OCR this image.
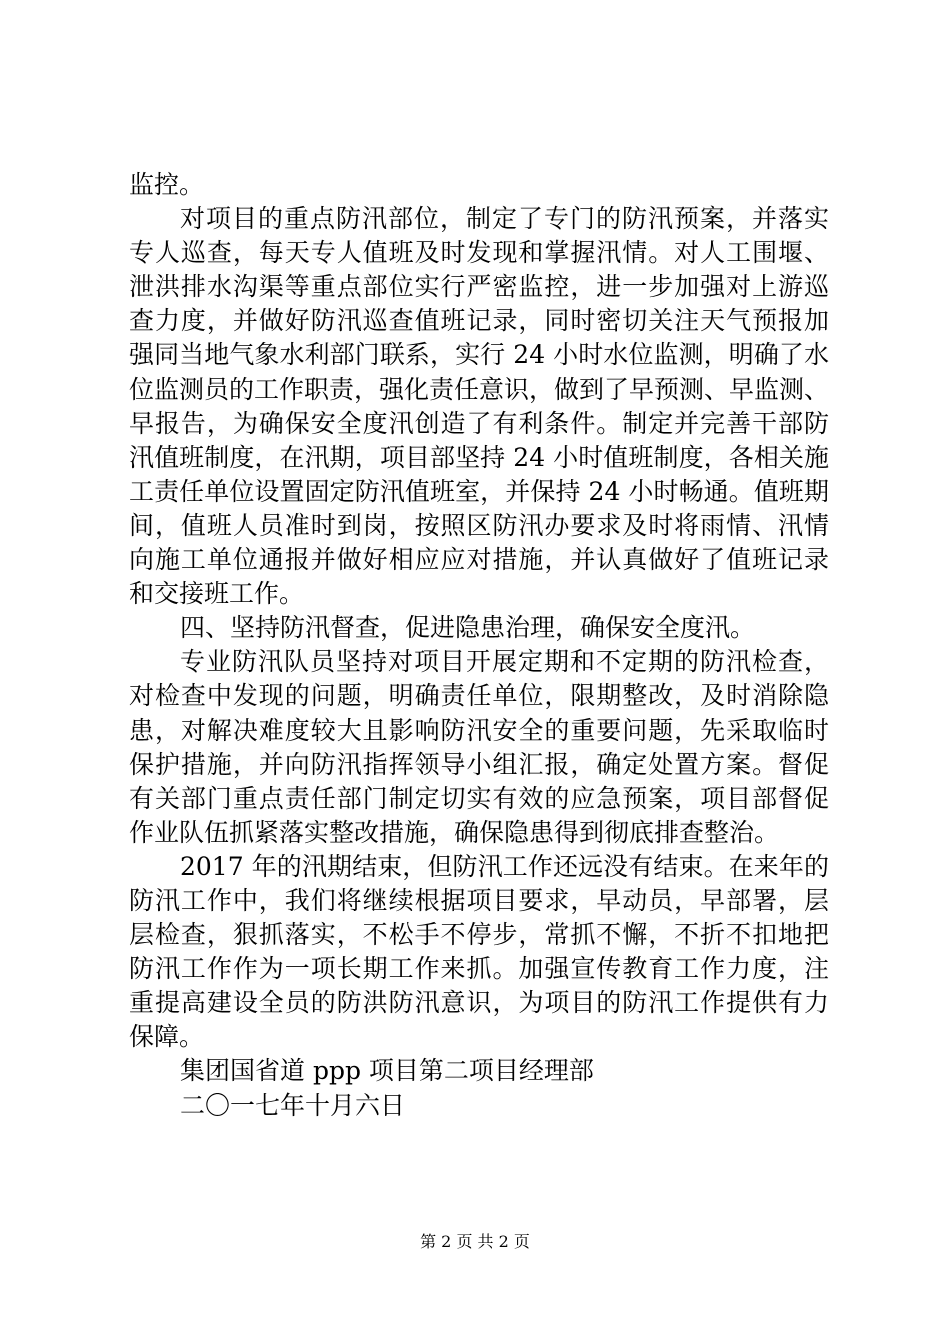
监控。
对项目的重点防汛部位，制定了专门的防汛预案，并落实
专人巡查，每天专人值班及时发现和掌握汛情。对人工围堰、
泄洪排水沟渠等重点部位实行严密监控，进一步加强对上游巡
查力度，并做好防汛巡查值班记录，同时密切关注天气预报加
强同当地气象水利部门联系，实行 24 小时水位监测，明确了水
位监测员的工作职责，强化责任意识，做到了早预测、早监测、
早报告，为确保安全度汛创造了有利条件。制定并完善干部防
汛值班制度，在汛期，项目部坚持 24 小时值班制度，各相关施
工责任单位设置固定防汛值班室，并保持 24 小时畅通。值班期
间，值班人员准时到岗，按照区防汛办要求及时将雨情、汛情
向施工单位通报并做好相应应对措施，并认真做好了值班记录
和交接班工作。
四、坚持防汛督查，促进隐患治理，确保安全度汛。
专业防汛队员坚持对项目开展定期和不定期的防汛检查，
对检查中发现的问题，明确责任单位，限期整改，及时消除隐
患，对解决难度较大且影响防汛安全的重要问题，先采取临时
保护措施，并向防汛指挥领导小组汇报，确定处置方案。督促
有关部门重点责任部门制定切实有效的应急预案，项目部督促
作业队伍抓紧落实整改措施，确保隐患得到彻底排查整治。
2017 年的汛期结束，但防汛工作还远没有结束。在来年的
防汛工作中，我们将继续根据项目要求，早动员，早部署，层
层检查，狠抓落实，不松手不停步，常抓不懈，不折不扣地把
防汛工作作为一项长期工作来抓。加强宣传教育工作力度，注
重提高建设全员的防洪防汛意识，为项目的防汛工作提供有力
保障。
集团国省道 ppp 项目第二项目经理部
二〇一七年十月六日
第 2 页 共 2 页
